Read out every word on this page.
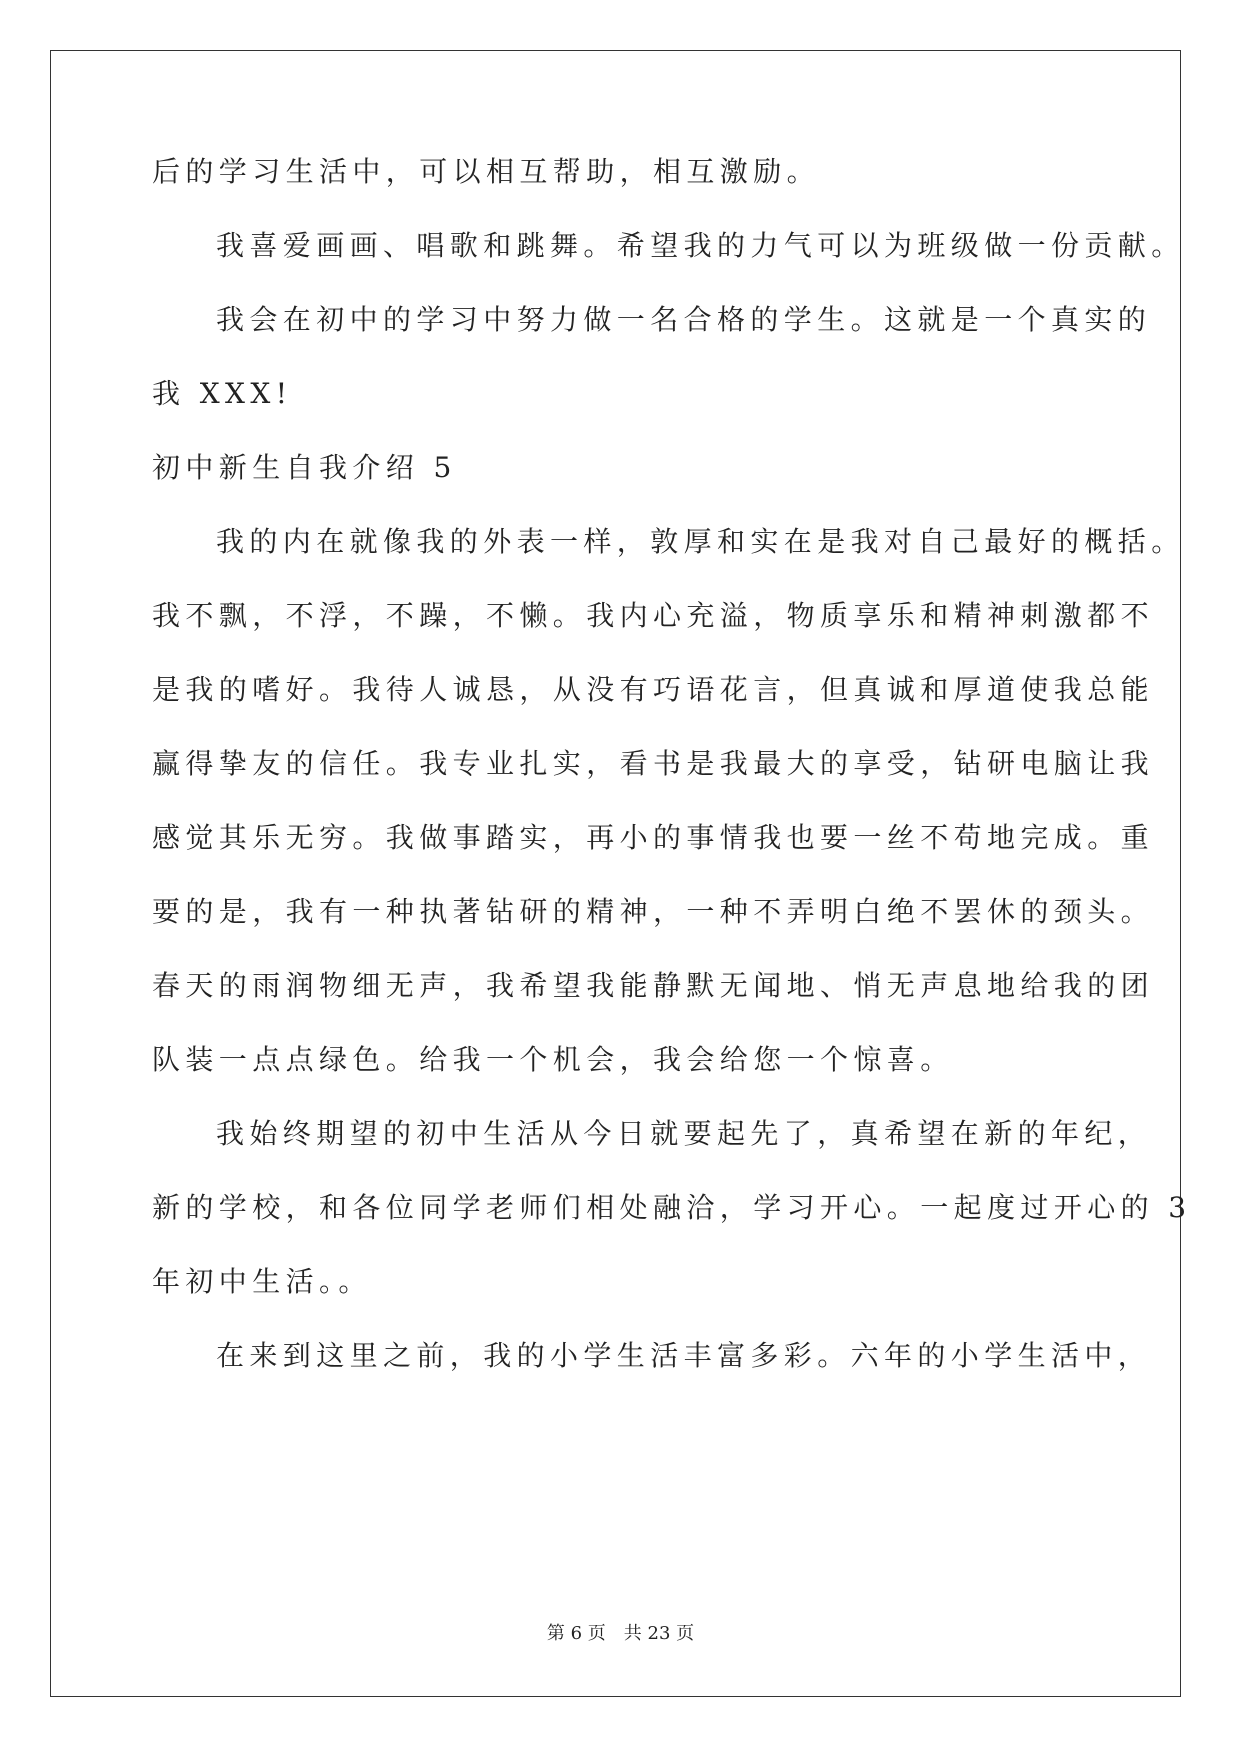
后的学习生活中，可以相互帮助，相互激励。
我喜爱画画、唱歌和跳舞。希望我的力气可以为班级做一份贡献。
我会在初中的学习中努力做一名合格的学生。这就是一个真实的
我 XXX!
初中新生自我介绍 5
我的内在就像我的外表一样，敦厚和实在是我对自己最好的概括。
我不飘，不浮，不躁，不懒。我内心充溢，物质享乐和精神刺激都不
是我的嗜好。我待人诚恳，从没有巧语花言，但真诚和厚道使我总能
赢得挚友的信任。我专业扎实，看书是我最大的享受，钻研电脑让我
感觉其乐无穷。我做事踏实，再小的事情我也要一丝不苟地完成。重
要的是，我有一种执著钻研的精神，一种不弄明白绝不罢休的颈头。
春天的雨润物细无声，我希望我能静默无闻地、悄无声息地给我的团
队装一点点绿色。给我一个机会，我会给您一个惊喜。
我始终期望的初中生活从今日就要起先了，真希望在新的年纪，
新的学校，和各位同学老师们相处融洽，学习开心。一起度过开心的 3
年初中生活。。
在来到这里之前，我的小学生活丰富多彩。六年的小学生活中，
第 6 页 共 23 页
